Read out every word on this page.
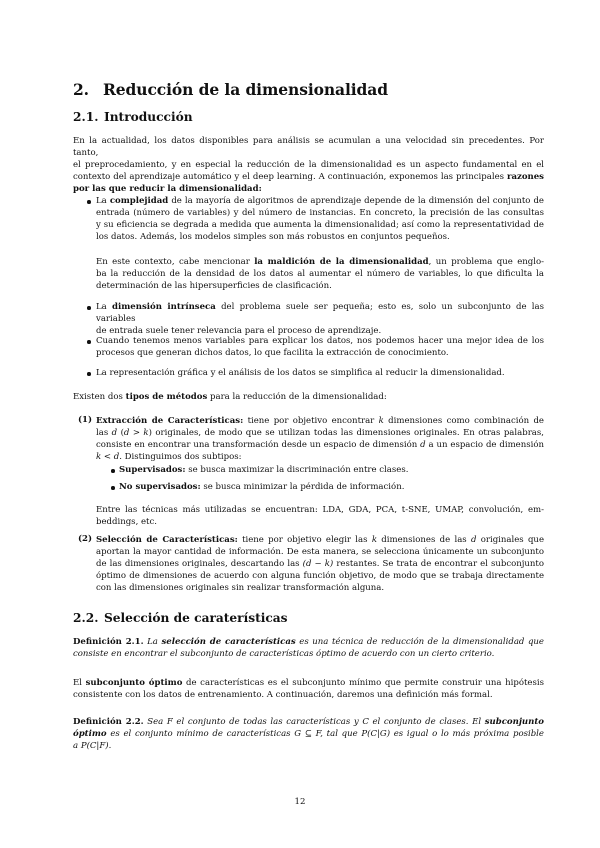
2. Reducción de la dimensionalidad
2.1. Introducción
En la actualidad, los datos disponibles para análisis se acumulan a una velocidad sin precedentes. Por tanto,
el preprocedamiento, y en especial la reducción de la dimensionalidad es un aspecto fundamental en el
contexto del aprendizaje automático y el deep learning. A continuación, exponemos las principales razones
por las que reducir la dimensionalidad:
La complejidad de la mayoría de algoritmos de aprendizaje depende de la dimensión del conjunto de
entrada (número de variables) y del número de instancias. En concreto, la precisión de las consultas
y su eficiencia se degrada a medida que aumenta la dimensionalidad; así como la representatividad de
los datos. Además, los modelos simples son más robustos en conjuntos pequeños.
En este contexto, cabe mencionar la maldición de la dimensionalidad, un problema que englo-
ba la reducción de la densidad de los datos al aumentar el número de variables, lo que dificulta la
determinación de las hipersuperficies de clasificación.
La dimensión intrínseca del problema suele ser pequeña; esto es, solo un subconjunto de las variables
de entrada suele tener relevancia para el proceso de aprendizaje.
Cuando tenemos menos variables para explicar los datos, nos podemos hacer una mejor idea de los
procesos que generan dichos datos, lo que facilita la extracción de conocimiento.
La representación gráfica y el análisis de los datos se simplifica al reducir la dimensionalidad.
Existen dos tipos de métodos para la reducción de la dimensionalidad:
(1) Extracción de Características: tiene por objetivo encontrar k dimensiones como combinación de
las d (d > k) originales, de modo que se utilizan todas las dimensiones originales. En otras palabras,
consiste en encontrar una transformación desde un espacio de dimensión d a un espacio de dimensión
k < d. Distinguimos dos subtipos:
Supervisados: se busca maximizar la discriminación entre clases.
No supervisados: se busca minimizar la pérdida de información.
Entre las técnicas más utilizadas se encuentran: LDA, GDA, PCA, t-SNE, UMAP, convolución, em-
beddings, etc.
(2) Selección de Características: tiene por objetivo elegir las k dimensiones de las d originales que
aportan la mayor cantidad de información. De esta manera, se selecciona únicamente un subconjunto
de las dimensiones originales, descartando las (d − k) restantes. Se trata de encontrar el subconjunto
óptimo de dimensiones de acuerdo con alguna función objetivo, de modo que se trabaja directamente
con las dimensiones originales sin realizar transformación alguna.
2.2. Selección de caraterísticas
Definición 2.1. La selección de características es una técnica de reducción de la dimensionalidad que
consiste en encontrar el subconjunto de características óptimo de acuerdo con un cierto criterio.
El subconjunto óptimo de características es el subconjunto mínimo que permite construir una hipótesis
consistente con los datos de entrenamiento. A continuación, daremos una definición más formal.
Definición 2.2. Sea F el conjunto de todas las características y C el conjunto de clases. El subconjunto
óptimo es el conjunto mínimo de características G ⊆ F, tal que P(C|G) es igual o lo más próxima posible
a P(C|F).
12
